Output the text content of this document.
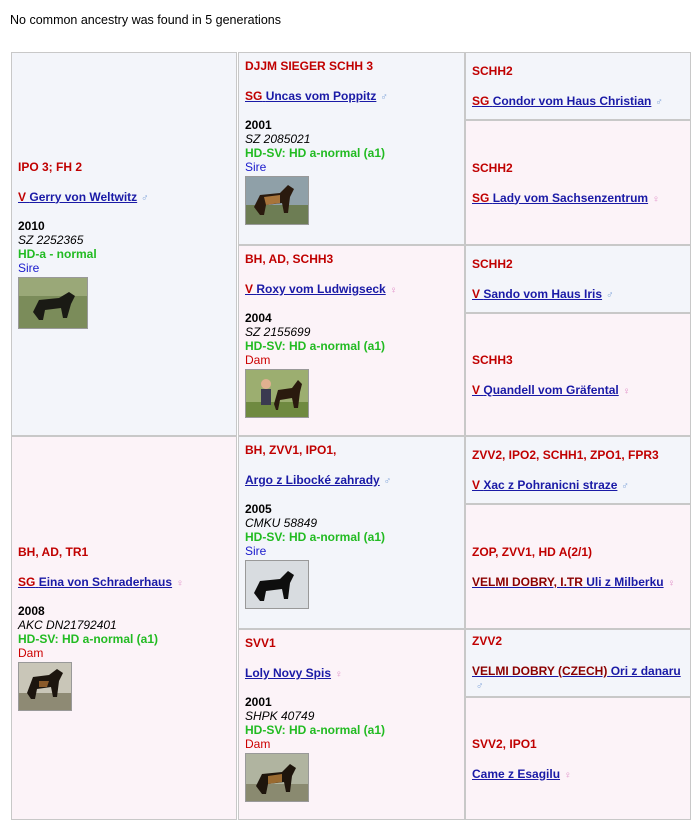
No common ancestry was found in 5 generations
IPO 3; FH 2
V Gerry von Weltwitz ♂
2010
SZ 2252365
HD-a - normal
Sire
BH, AD, TR1
SG Eina von Schraderhaus ♀
2008
AKC DN21792401
HD-SV: HD a-normal (a1)
Dam
DJJM SIEGER SCHH 3
SG Uncas vom Poppitz ♂
2001
SZ 2085021
HD-SV: HD a-normal (a1)
Sire
BH, AD, SCHH3
V Roxy vom Ludwigseck ♀
2004
SZ 2155699
HD-SV: HD a-normal (a1)
Dam
BH, ZVV1, IPO1,
Argo z Libocké zahrady ♂
2005
CMKU 58849
HD-SV: HD a-normal (a1)
Sire
SVV1
Loly Novy Spis ♀
2001
SHPK 40749
HD-SV: HD a-normal (a1)
Dam
SCHH2
SG Condor vom Haus Christian ♂
SCHH2
SG Lady vom Sachsenzentrum ♀
SCHH2
V Sando vom Haus Iris ♂
SCHH3
V Quandell vom Gräfental ♀
ZVV2, IPO2, SCHH1, ZPO1, FPR3
V Xac z Pohranicni straze ♂
ZOP, ZVV1, HD A(2/1)
VELMI DOBRY, I.TR Uli z Milberku ♀
ZVV2
VELMI DOBRY (CZECH) Ori z danaru♂
SVV2, IPO1
Came z Esagilu ♀
